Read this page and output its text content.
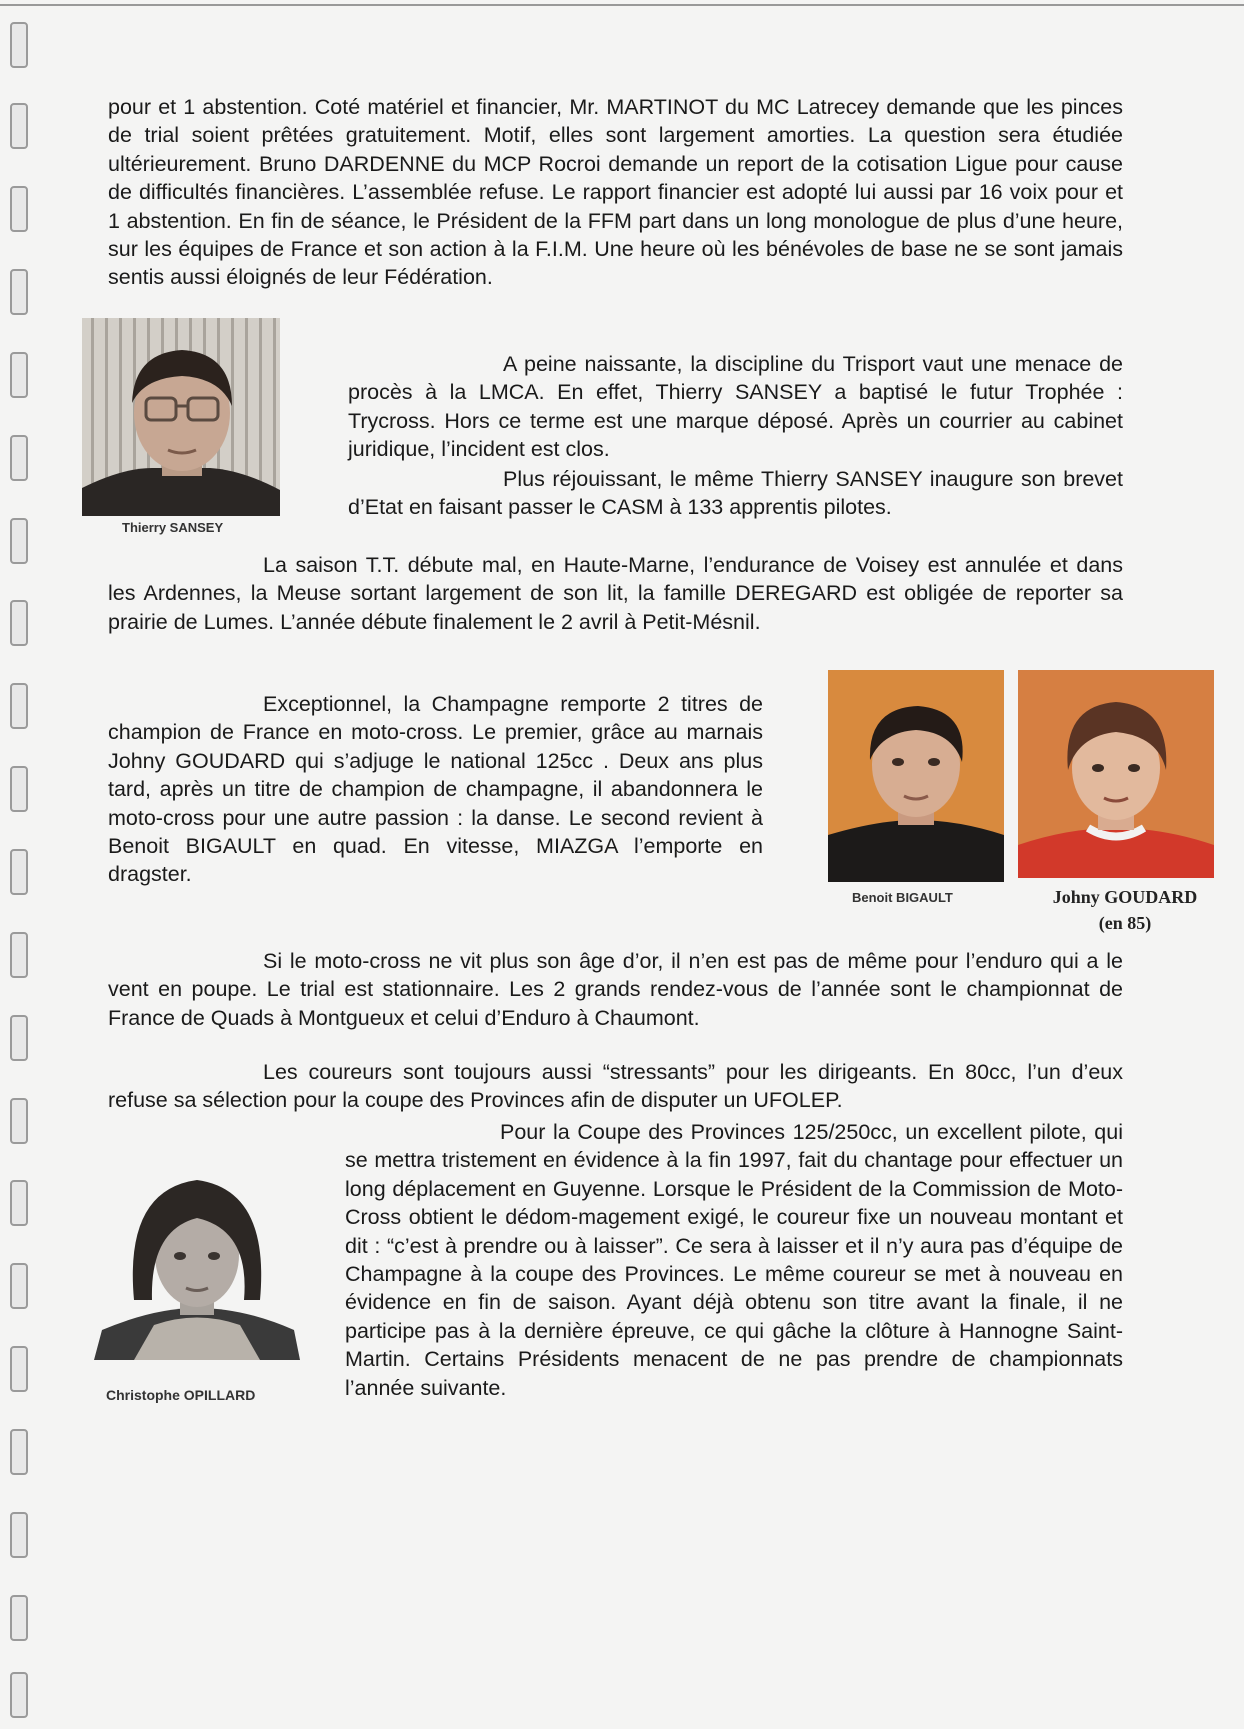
pour et 1 abstention. Coté matériel et financier, Mr. MARTINOT du MC Latrecey demande que les pinces de trial soient prêtées gratuitement. Motif, elles sont largement amorties. La question sera étudiée ultérieurement. Bruno DARDENNE du MCP Rocroi demande un report de la cotisation Ligue pour cause de difficultés financières. L’assemblée refuse. Le rapport financier est adopté lui aussi par 16 voix pour et 1 abstention. En fin de séance, le Président de la FFM part dans un long monologue de plus d’une heure, sur les équipes de France et son action à la F.I.M. Une heure où les bénévoles de base ne se sont jamais sentis aussi éloignés de leur Fédération.

Thierry SANSEY

A peine naissante, la discipline du Trisport vaut une menace de procès à la LMCA. En effet, Thierry SANSEY a baptisé le futur Trophée : Trycross. Hors ce terme est une marque déposé. Après un courrier au cabinet juridique, l’incident est clos.

Plus réjouissant, le même Thierry SANSEY inaugure son brevet d’Etat en faisant passer le CASM à 133 apprentis pilotes.

La saison T.T. débute mal, en Haute-Marne, l’endurance de Voisey est annulée et dans les Ardennes, la Meuse sortant largement de son lit, la famille DEREGARD est obligée de reporter sa prairie de Lumes. L’année débute finalement le 2 avril à Petit-Mésnil.

Exceptionnel, la Champagne remporte 2 titres de champion de France en moto-cross. Le premier, grâce au marnais Johny GOUDARD qui s’adjuge le national 125cc . Deux ans plus tard, après un titre de champion de champagne, il abandonnera le moto-cross pour une autre passion : la danse. Le second revient à Benoit BIGAULT en quad. En vitesse, MIAZGA l’emporte en dragster.

Benoit BIGAULT	Johny GOUDARD
(en 85)

Si le moto-cross ne vit plus son âge d’or, il n’en est pas de même pour l’enduro qui a le vent en poupe. Le trial est stationnaire. Les 2 grands rendez-vous de l’année sont le championnat de France de Quads à Montgueux et celui d’Enduro à Chaumont.

Les coureurs sont toujours aussi “stressants” pour les dirigeants. En 80cc, l’un d’eux refuse sa sélection pour la coupe des Provinces afin de disputer un UFOLEP.

Christophe OPILLARD

Pour la Coupe des Provinces 125/250cc, un excellent pilote, qui se mettra tristement en évidence à la fin 1997, fait du chantage pour effectuer un long déplacement en Guyenne. Lorsque le Président de la Commission de Moto-Cross obtient le dédom-magement exigé, le coureur fixe un nouveau montant et dit : “c’est à prendre ou à laisser”. Ce sera à laisser et il n’y aura pas d’équipe de Champagne à la coupe des Provinces. Le même coureur se met à nouveau en évidence en fin de saison. Ayant déjà obtenu son titre avant la finale, il ne participe pas à la dernière épreuve, ce qui gâche la clôture à Hannogne Saint-Martin. Certains Présidents menacent de ne pas prendre de championnats l’année suivante.
